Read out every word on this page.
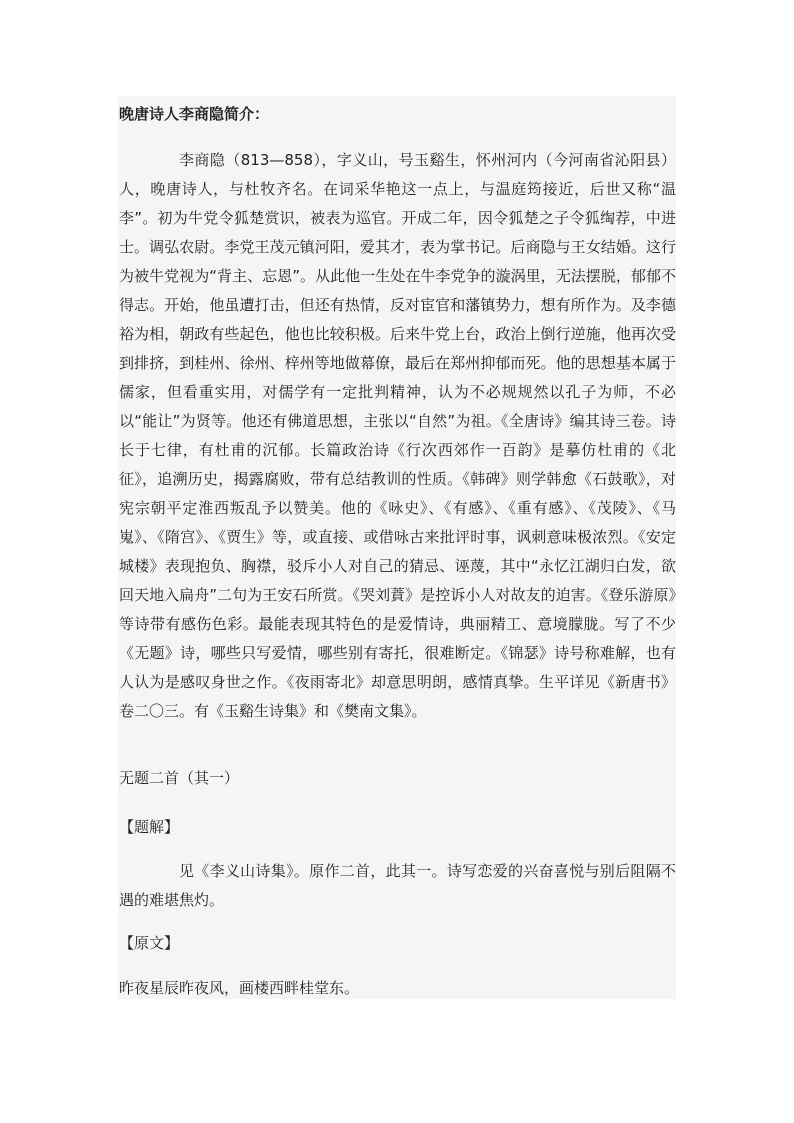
晚唐诗人李商隐简介：

李商隐（813—858），字义山，号玉谿生，怀州河内（今河南省沁阳县）人，晚唐诗人，与杜牧齐名。在词采华艳这一点上，与温庭筠接近，后世又称“温李”。初为牛党令狐楚赏识，被表为巡官。开成二年，因令狐楚之子令狐绹荐，中进士。调弘农尉。李党王茂元镇河阳，爱其才，表为掌书记。后商隐与王女结婚。这行为被牛党视为“背主、忘恩”。从此他一生处在牛李党争的漩涡里，无法摆脱，郁郁不得志。开始，他虽遭打击，但还有热情，反对宦官和藩镇势力，想有所作为。及李德裕为相，朝政有些起色，他也比较积极。后来牛党上台，政治上倒行逆施，他再次受到排挤，到桂州、徐州、梓州等地做幕僚，最后在郑州抑郁而死。他的思想基本属于儒家，但看重实用，对儒学有一定批判精神，认为不必规规然以孔子为师，不必以“能让”为贤等。他还有佛道思想，主张以“自然”为祖。《全唐诗》编其诗三卷。诗长于七律，有杜甫的沉郁。长篇政治诗《行次西郊作一百韵》是摹仿杜甫的《北征》，追溯历史，揭露腐败，带有总结教训的性质。《韩碑》则学韩愈《石鼓歌》，对宪宗朝平定淮西叛乱予以赞美。他的《咏史》、《有感》、《重有感》、《茂陵》、《马嵬》、《隋宫》、《贾生》等，或直接、或借咏古来批评时事，讽刺意味极浓烈。《安定城楼》表现抱负、胸襟，驳斥小人对自己的猜忌、诬蔑，其中“永忆江湖归白发，欲回天地入扁舟”二句为王安石所赏。《哭刘蕡》是控诉小人对故友的迫害。《登乐游原》等诗带有感伤色彩。最能表现其特色的是爱情诗，典丽精工、意境朦胧。写了不少《无题》诗，哪些只写爱情，哪些别有寄托，很难断定。《锦瑟》诗号称难解，也有人认为是感叹身世之作。《夜雨寄北》却意思明朗，感情真挚。生平详见《新唐书》卷二〇三。有《玉谿生诗集》和《樊南文集》。

无题二首（其一）
【题解】

见《李义山诗集》。原作二首，此其一。诗写恋爱的兴奋喜悦与别后阻隔不遇的难堪焦灼。

【原文】
昨夜星辰昨夜风，画楼西畔桂堂东。
